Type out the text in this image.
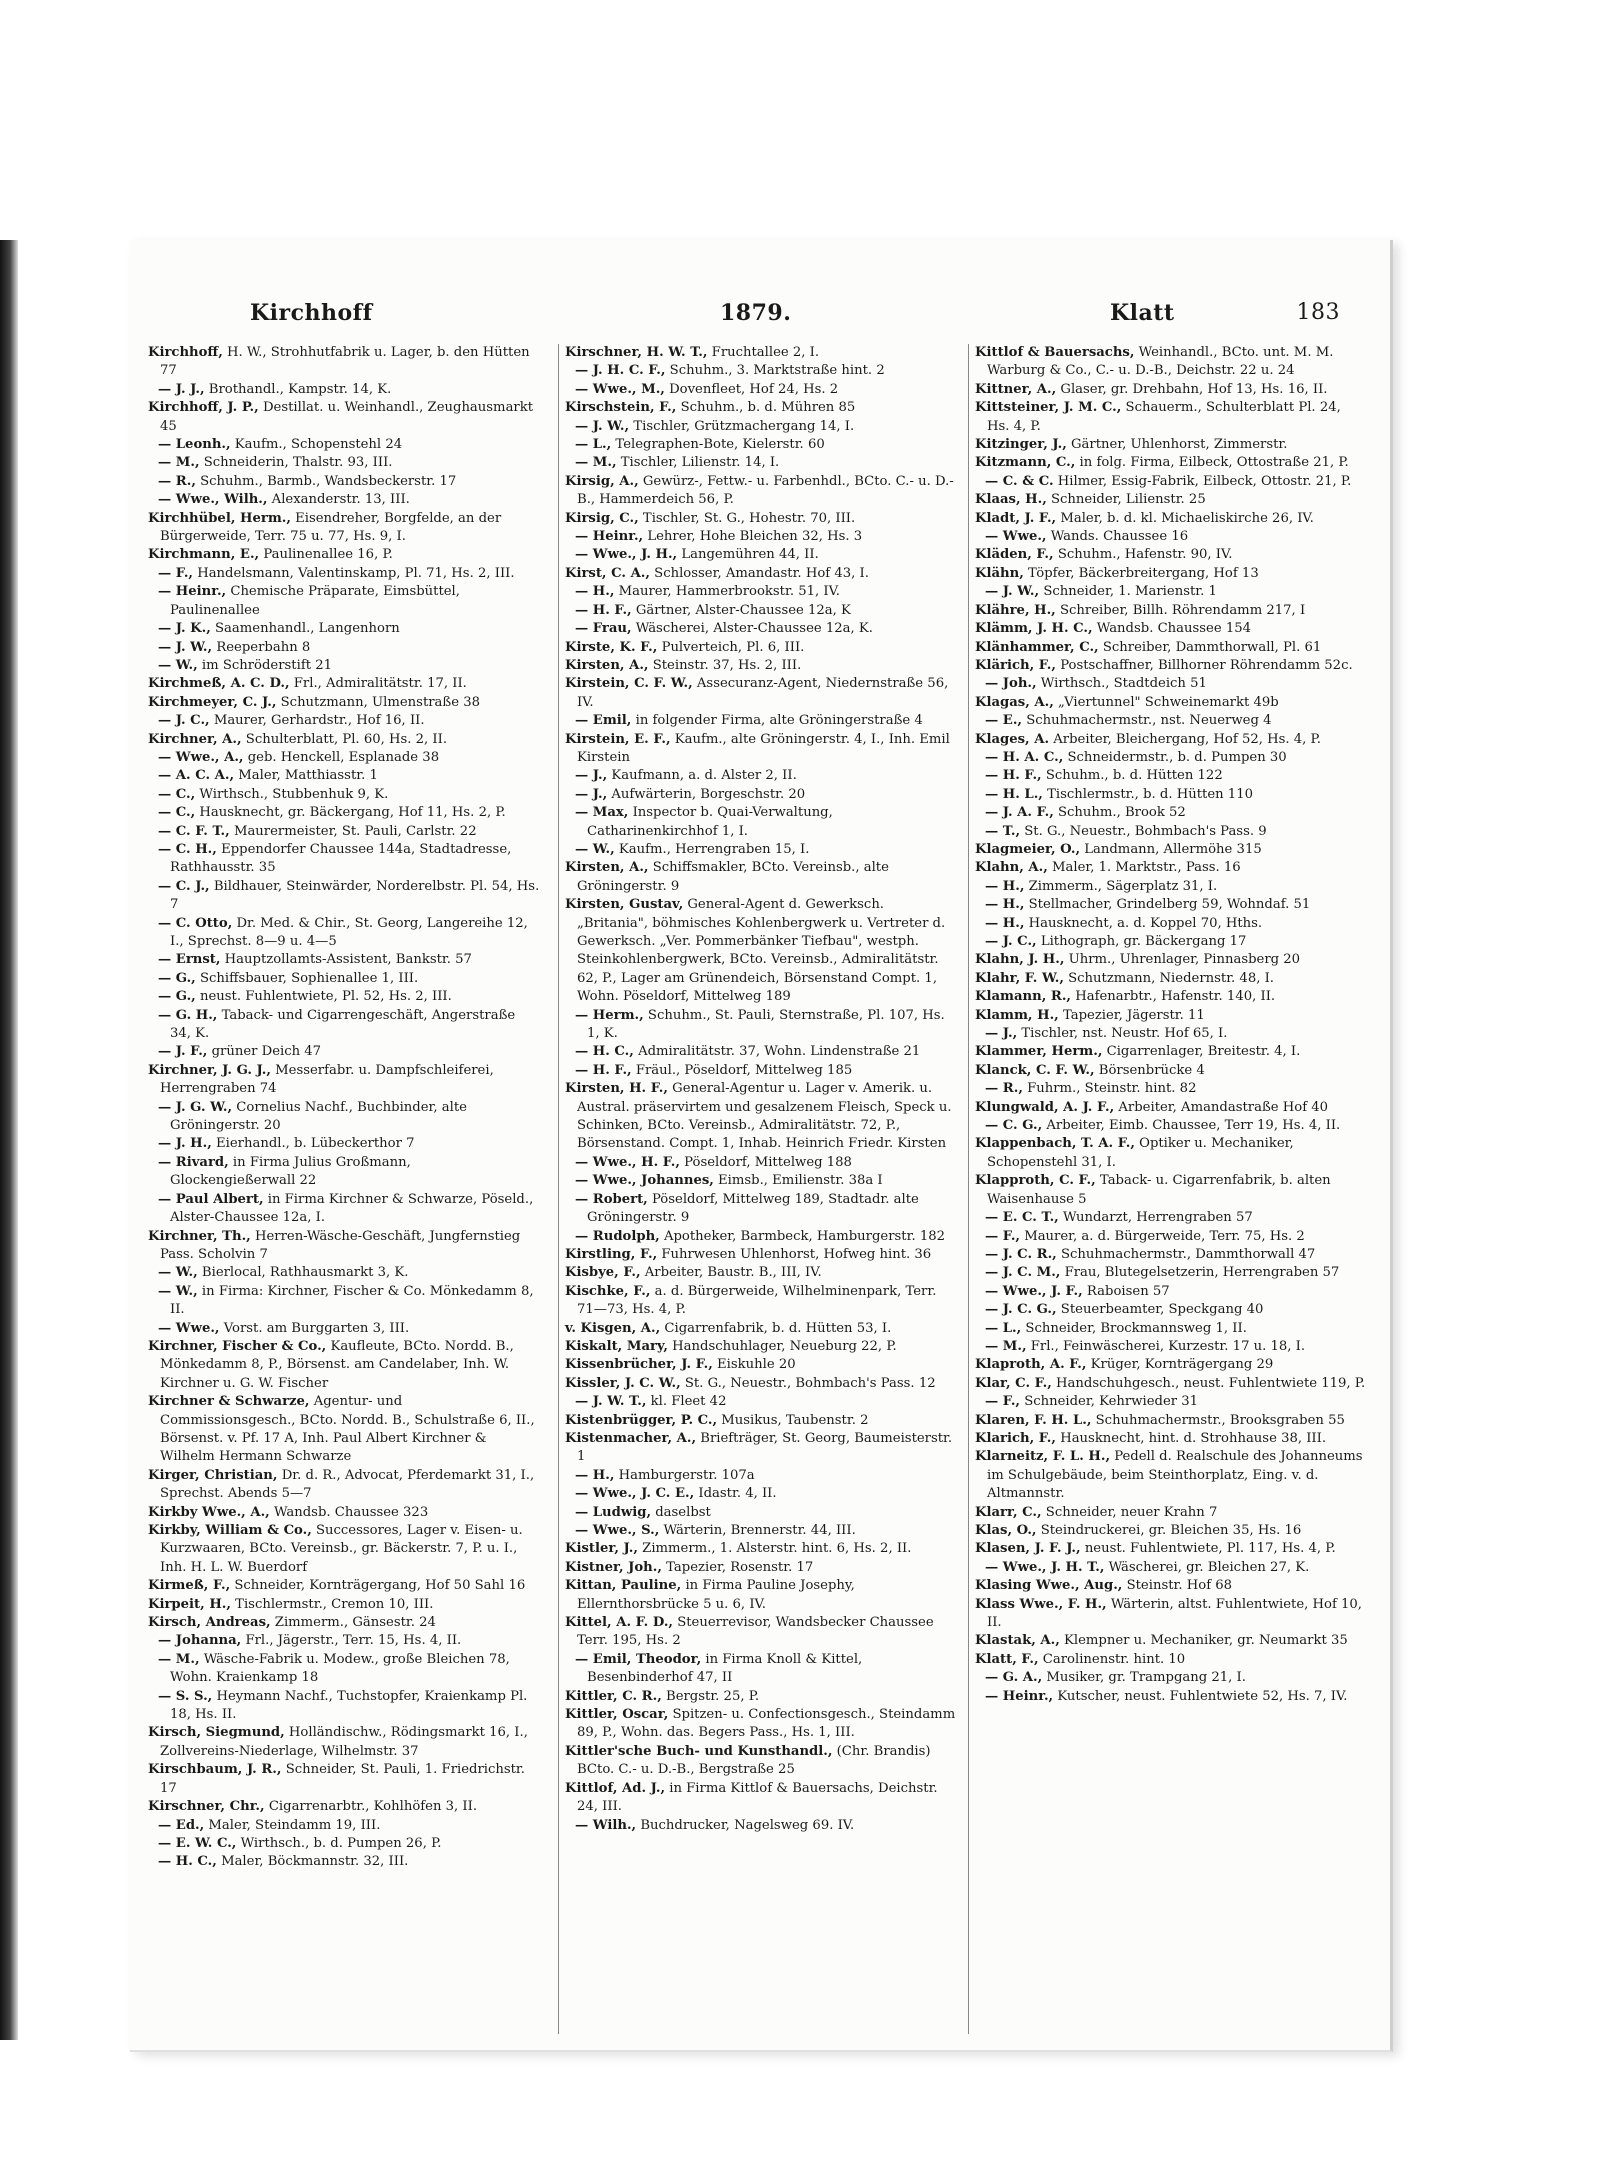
Kirchhoff	1879.	Klatt	183

Kirchhoff, H. W., Strohhutfabrik u. Lager, b. den Hütten 77

— J. J., Brothandl., Kampstr. 14, K.

Kirchhoff, J. P., Destillat. u. Weinhandl., Zeughausmarkt 45

— Leonh., Kaufm., Schopenstehl 24

— M., Schneiderin, Thalstr. 93, III.

— R., Schuhm., Barmb., Wandsbeckerstr. 17

— Wwe., Wilh., Alexanderstr. 13, III.

Kirchhübel, Herm., Eisendreher, Borgfelde, an der Bürgerweide, Terr. 75 u. 77, Hs. 9, I.

Kirchmann, E., Paulinenallee 16, P.

— F., Handelsmann, Valentinskamp, Pl. 71, Hs. 2, III.

— Heinr., Chemische Präparate, Eimsbüttel, Paulinenallee

— J. K., Saamenhandl., Langenhorn

— J. W., Reeperbahn 8

— W., im Schröderstift 21

Kirchmeß, A. C. D., Frl., Admiralitätstr. 17, II.

Kirchmeyer, C. J., Schutzmann, Ulmenstraße 38

— J. C., Maurer, Gerhardstr., Hof 16, II.

Kirchner, A., Schulterblatt, Pl. 60, Hs. 2, II.

— Wwe., A., geb. Henckell, Esplanade 38

— A. C. A., Maler, Matthiasstr. 1

— C., Wirthsch., Stubbenhuk 9, K.

— C., Hausknecht, gr. Bäckergang, Hof 11, Hs. 2, P.

— C. F. T., Maurermeister, St. Pauli, Carlstr. 22

— C. H., Eppendorfer Chaussee 144a, Stadtadresse, Rathhausstr. 35

— C. J., Bildhauer, Steinwärder, Norderelbstr. Pl. 54, Hs. 7

— C. Otto, Dr. Med. & Chir., St. Georg, Langereihe 12, I., Sprechst. 8—9 u. 4—5

— Ernst, Hauptzollamts-Assistent, Bankstr. 57

— G., Schiffsbauer, Sophienallee 1, III.

— G., neust. Fuhlentwiete, Pl. 52, Hs. 2, III.

— G. H., Taback- und Cigarrengeschäft, Angerstraße 34, K.

— J. F., grüner Deich 47

Kirchner, J. G. J., Messerfabr. u. Dampfschleiferei, Herrengraben 74

— J. G. W., Cornelius Nachf., Buchbinder, alte Gröningerstr. 20

— J. H., Eierhandl., b. Lübeckerthor 7

— Rivard, in Firma Julius Großmann, Glockengießerwall 22

— Paul Albert, in Firma Kirchner & Schwarze, Pöseld., Alster-Chaussee 12a, I.

Kirchner, Th., Herren-Wäsche-Geschäft, Jungfernstieg Pass. Scholvin 7

— W., Bierlocal, Rathhausmarkt 3, K.

— W., in Firma: Kirchner, Fischer & Co. Mönkedamm 8, II.

— Wwe., Vorst. am Burggarten 3, III.

Kirchner, Fischer & Co., Kaufleute, BCto. Nordd. B., Mönkedamm 8, P., Börsenst. am Candelaber, Inh. W. Kirchner u. G. W. Fischer

Kirchner & Schwarze, Agentur- und Commissionsgesch., BCto. Nordd. B., Schulstraße 6, II., Börsenst. v. Pf. 17 A, Inh. Paul Albert Kirchner & Wilhelm Hermann Schwarze

Kirger, Christian, Dr. d. R., Advocat, Pferdemarkt 31, I., Sprechst. Abends 5—7

Kirkby Wwe., A., Wandsb. Chaussee 323

Kirkby, William & Co., Successores, Lager v. Eisen- u. Kurzwaaren, BCto. Vereinsb., gr. Bäckerstr. 7, P. u. I., Inh. H. L. W. Buerdorf

Kirmeß, F., Schneider, Kornträgergang, Hof 50 Sahl 16

Kirpeit, H., Tischlermstr., Cremon 10, III.

Kirsch, Andreas, Zimmerm., Gänsestr. 24

— Johanna, Frl., Jägerstr., Terr. 15, Hs. 4, II.

— M., Wäsche-Fabrik u. Modew., große Bleichen 78, Wohn. Kraienkamp 18

— S. S., Heymann Nachf., Tuchstopfer, Kraienkamp Pl. 18, Hs. II.

Kirsch, Siegmund, Holländischw., Rödingsmarkt 16, I., Zollvereins-Niederlage, Wilhelmstr. 37

Kirschbaum, J. R., Schneider, St. Pauli, 1. Friedrichstr. 17

Kirschner, Chr., Cigarrenarbtr., Kohlhöfen 3, II.

— Ed., Maler, Steindamm 19, III.

— E. W. C., Wirthsch., b. d. Pumpen 26, P.

— H. C., Maler, Böckmannstr. 32, III.

Kirschner, H. W. T., Fruchtallee 2, I.

— J. H. C. F., Schuhm., 3. Marktstraße hint. 2

— Wwe., M., Dovenfleet, Hof 24, Hs. 2

Kirschstein, F., Schuhm., b. d. Mühren 85

— J. W., Tischler, Grützmachergang 14, I.

— L., Telegraphen-Bote, Kielerstr. 60

— M., Tischler, Lilienstr. 14, I.

Kirsig, A., Gewürz-, Fettw.- u. Farbenhdl., BCto. C.- u. D.-B., Hammerdeich 56, P.

Kirsig, C., Tischler, St. G., Hohestr. 70, III.

— Heinr., Lehrer, Hohe Bleichen 32, Hs. 3

— Wwe., J. H., Langemühren 44, II.

Kirst, C. A., Schlosser, Amandastr. Hof 43, I.

— H., Maurer, Hammerbrookstr. 51, IV.

— H. F., Gärtner, Alster-Chaussee 12a, K

— Frau, Wäscherei, Alster-Chaussee 12a, K.

Kirste, K. F., Pulverteich, Pl. 6, III.

Kirsten, A., Steinstr. 37, Hs. 2, III.

Kirstein, C. F. W., Assecuranz-Agent, Niedernstraße 56, IV.

— Emil, in folgender Firma, alte Gröningerstraße 4

Kirstein, E. F., Kaufm., alte Gröningerstr. 4, I., Inh. Emil Kirstein

— J., Kaufmann, a. d. Alster 2, II.

— J., Aufwärterin, Borgeschstr. 20

— Max, Inspector b. Quai-Verwaltung, Catharinenkirchhof 1, I.

— W., Kaufm., Herrengraben 15, I.

Kirsten, A., Schiffsmakler, BCto. Vereinsb., alte Gröningerstr. 9

Kirsten, Gustav, General-Agent d. Gewerksch. „Britania", böhmisches Kohlenbergwerk u. Vertreter d. Gewerksch. „Ver. Pommerbänker Tiefbau", westph. Steinkohlenbergwerk, BCto. Vereinsb., Admiralitätstr. 62, P., Lager am Grünendeich, Börsenstand Compt. 1, Wohn. Pöseldorf, Mittelweg 189

— Herm., Schuhm., St. Pauli, Sternstraße, Pl. 107, Hs. 1, K.

— H. C., Admiralitätstr. 37, Wohn. Lindenstraße 21

— H. F., Fräul., Pöseldorf, Mittelweg 185

Kirsten, H. F., General-Agentur u. Lager v. Amerik. u. Austral. präservirtem und gesalzenem Fleisch, Speck u. Schinken, BCto. Vereinsb., Admiralitätstr. 72, P., Börsenstand. Compt. 1, Inhab. Heinrich Friedr. Kirsten

— Wwe., H. F., Pöseldorf, Mittelweg 188

— Wwe., Johannes, Eimsb., Emilienstr. 38a I

— Robert, Pöseldorf, Mittelweg 189, Stadtadr. alte Gröningerstr. 9

— Rudolph, Apotheker, Barmbeck, Hamburgerstr. 182

Kirstling, F., Fuhrwesen Uhlenhorst, Hofweg hint. 36

Kisbye, F., Arbeiter, Baustr. B., III, IV.

Kischke, F., a. d. Bürgerweide, Wilhelminenpark, Terr. 71—73, Hs. 4, P.

v. Kisgen, A., Cigarrenfabrik, b. d. Hütten 53, I.

Kiskalt, Mary, Handschuhlager, Neueburg 22, P.

Kissenbrücher, J. F., Eiskuhle 20

Kissler, J. C. W., St. G., Neuestr., Bohmbach's Pass. 12

— J. W. T., kl. Fleet 42

Kistenbrügger, P. C., Musikus, Taubenstr. 2

Kistenmacher, A., Briefträger, St. Georg, Baumeisterstr. 1

— H., Hamburgerstr. 107a

— Wwe., J. C. E., Idastr. 4, II.

— Ludwig, daselbst

— Wwe., S., Wärterin, Brennerstr. 44, III.

Kistler, J., Zimmerm., 1. Alsterstr. hint. 6, Hs. 2, II.

Kistner, Joh., Tapezier, Rosenstr. 17

Kittan, Pauline, in Firma Pauline Josephy, Ellernthorsbrücke 5 u. 6, IV.

Kittel, A. F. D., Steuerrevisor, Wandsbecker Chaussee Terr. 195, Hs. 2

— Emil, Theodor, in Firma Knoll & Kittel, Besenbinderhof 47, II

Kittler, C. R., Bergstr. 25, P.

Kittler, Oscar, Spitzen- u. Confectionsgesch., Steindamm 89, P., Wohn. das. Begers Pass., Hs. 1, III.

Kittler'sche Buch- und Kunsthandl., (Chr. Brandis) BCto. C.- u. D.-B., Bergstraße 25

Kittlof, Ad. J., in Firma Kittlof & Bauersachs, Deichstr. 24, III.

— Wilh., Buchdrucker, Nagelsweg 69. IV.

Kittlof & Bauersachs, Weinhandl., BCto. unt. M. M. Warburg & Co., C.- u. D.-B., Deichstr. 22 u. 24

Kittner, A., Glaser, gr. Drehbahn, Hof 13, Hs. 16, II.

Kittsteiner, J. M. C., Schauerm., Schulterblatt Pl. 24, Hs. 4, P.

Kitzinger, J., Gärtner, Uhlenhorst, Zimmerstr.

Kitzmann, C., in folg. Firma, Eilbeck, Ottostraße 21, P.

— C. & C. Hilmer, Essig-Fabrik, Eilbeck, Ottostr. 21, P.

Klaas, H., Schneider, Lilienstr. 25

Kladt, J. F., Maler, b. d. kl. Michaeliskirche 26, IV.

— Wwe., Wands. Chaussee 16

Kläden, F., Schuhm., Hafenstr. 90, IV.

Klähn, Töpfer, Bäckerbreitergang, Hof 13

— J. W., Schneider, 1. Marienstr. 1

Klähre, H., Schreiber, Billh. Röhrendamm 217, I

Klämm, J. H. C., Wandsb. Chaussee 154

Klänhammer, C., Schreiber, Dammthorwall, Pl. 61

Klärich, F., Postschaffner, Billhorner Röhrendamm 52c.

— Joh., Wirthsch., Stadtdeich 51

Klagas, A., „Viertunnel" Schweinemarkt 49b

— E., Schuhmachermstr., nst. Neuerweg 4

Klages, A. Arbeiter, Bleichergang, Hof 52, Hs. 4, P.

— H. A. C., Schneidermstr., b. d. Pumpen 30

— H. F., Schuhm., b. d. Hütten 122

— H. L., Tischlermstr., b. d. Hütten 110

— J. A. F., Schuhm., Brook 52

— T., St. G., Neuestr., Bohmbach's Pass. 9

Klagmeier, O., Landmann, Allermöhe 315

Klahn, A., Maler, 1. Marktstr., Pass. 16

— H., Zimmerm., Sägerplatz 31, I.

— H., Stellmacher, Grindelberg 59, Wohndaf. 51

— H., Hausknecht, a. d. Koppel 70, Hths.

— J. C., Lithograph, gr. Bäckergang 17

Klahn, J. H., Uhrm., Uhrenlager, Pinnasberg 20

Klahr, F. W., Schutzmann, Niedernstr. 48, I.

Klamann, R., Hafenarbtr., Hafenstr. 140, II.

Klamm, H., Tapezier, Jägerstr. 11

— J., Tischler, nst. Neustr. Hof 65, I.

Klammer, Herm., Cigarrenlager, Breitestr. 4, I.

Klanck, C. F. W., Börsenbrücke 4

— R., Fuhrm., Steinstr. hint. 82

Klungwald, A. J. F., Arbeiter, Amandastraße Hof 40

— C. G., Arbeiter, Eimb. Chaussee, Terr 19, Hs. 4, II.

Klappenbach, T. A. F., Optiker u. Mechaniker, Schopenstehl 31, I.

Klapproth, C. F., Taback- u. Cigarrenfabrik, b. alten Waisenhause 5

— E. C. T., Wundarzt, Herrengraben 57

— F., Maurer, a. d. Bürgerweide, Terr. 75, Hs. 2

— J. C. R., Schuhmachermstr., Dammthorwall 47

— J. C. M., Frau, Blutegelsetzerin, Herrengraben 57

— Wwe., J. F., Raboisen 57

— J. C. G., Steuerbeamter, Speckgang 40

— L., Schneider, Brockmannsweg 1, II.

— M., Frl., Feinwäscherei, Kurzestr. 17 u. 18, I.

Klaproth, A. F., Krüger, Kornträgergang 29

Klar, C. F., Handschuhgesch., neust. Fuhlentwiete 119, P.

— F., Schneider, Kehrwieder 31

Klaren, F. H. L., Schuhmachermstr., Brooksgraben 55

Klarich, F., Hausknecht, hint. d. Strohhause 38, III.

Klarneitz, F. L. H., Pedell d. Realschule des Johanneums im Schulgebäude, beim Steinthorplatz, Eing. v. d. Altmannstr.

Klarr, C., Schneider, neuer Krahn 7

Klas, O., Steindruckerei, gr. Bleichen 35, Hs. 16

Klasen, J. F. J., neust. Fuhlentwiete, Pl. 117, Hs. 4, P.

— Wwe., J. H. T., Wäscherei, gr. Bleichen 27, K.

Klasing Wwe., Aug., Steinstr. Hof 68

Klass Wwe., F. H., Wärterin, altst. Fuhlentwiete, Hof 10, II.

Klastak, A., Klempner u. Mechaniker, gr. Neumarkt 35

Klatt, F., Carolinenstr. hint. 10

— G. A., Musiker, gr. Trampgang 21, I.

— Heinr., Kutscher, neust. Fuhlentwiete 52, Hs. 7, IV.
